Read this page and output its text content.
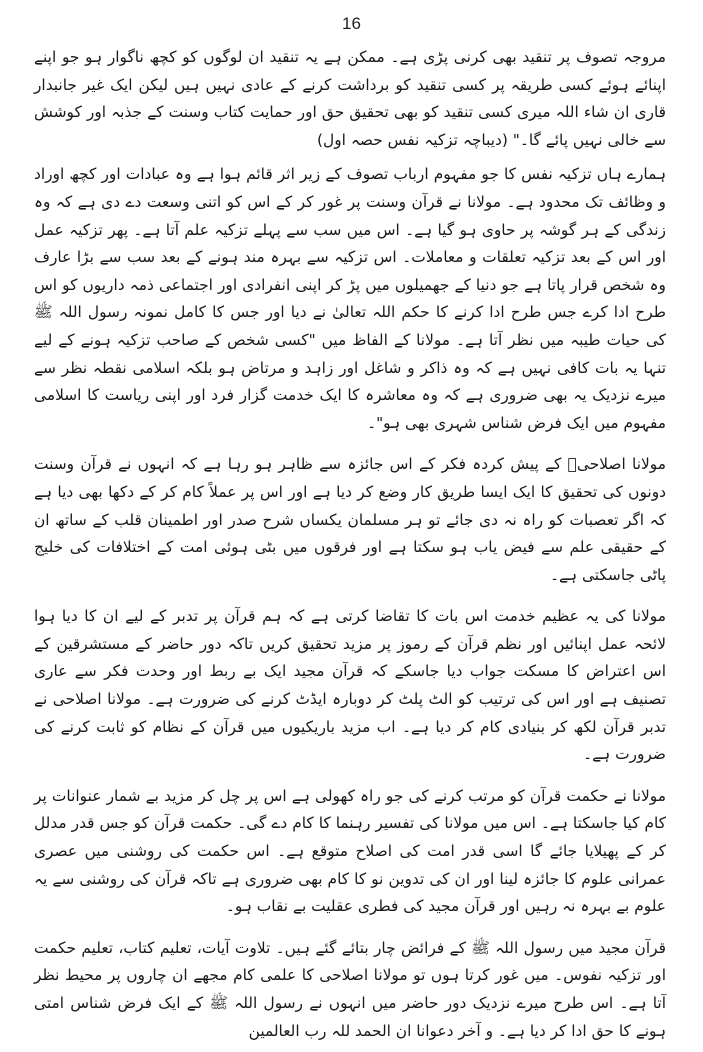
16

مروجہ تصوف پر تنقید بھی کرنی پڑی ہے۔ ممکن ہے یہ تنقید ان لوگوں کو کچھ ناگوار ہو جو اپنے اپنائے ہوئے کسی طریقہ پر کسی تنقید کو برداشت کرنے کے عادی نہیں ہیں لیکن ایک غیر جانبدار قاری ان شاء اللہ میری کسی تنقید کو بھی تحقیق حق اور حمایت کتاب وسنت کے جذبہ اور کوشش سے خالی نہیں پائے گا۔" (دیباچہ تزکیہ نفس حصہ اول)

ہمارے ہاں تزکیہ نفس کا جو مفہوم ارباب تصوف کے زیر اثر قائم ہوا ہے وہ عبادات اور کچھ اوراد و وظائف تک محدود ہے۔ مولانا نے قرآن وسنت پر غور کر کے اس کو اتنی وسعت دے دی ہے کہ وہ زندگی کے ہر گوشہ پر حاوی ہو گیا ہے۔ اس میں سب سے پہلے تزکیہ علم آتا ہے۔ پھر تزکیہ عمل اور اس کے بعد تزکیہ تعلقات و معاملات۔ اس تزکیہ سے بہرہ مند ہونے کے بعد سب سے بڑا عارف وہ شخص قرار پاتا ہے جو دنیا کے جھمیلوں میں پڑ کر اپنی انفرادی اور اجتماعی ذمہ داریوں کو اس طرح ادا کرے جس طرح ادا کرنے کا حکم اللہ تعالیٰ نے دیا اور جس کا کامل نمونہ رسول اللہ ﷺ کی حیات طیبہ میں نظر آتا ہے۔ مولانا کے الفاظ میں "کسی شخص کے صاحب تزکیہ ہونے کے لیے تنہا یہ بات کافی نہیں ہے کہ وہ ذاکر و شاغل اور زاہد و مرتاض ہو بلکہ اسلامی نقطہ نظر سے میرے نزدیک یہ بھی ضروری ہے کہ وہ معاشرہ کا ایک خدمت گزار فرد اور اپنی ریاست کا اسلامی مفہوم میں ایک فرض شناس شہری بھی ہو"۔

مولانا اصلاحیؒ کے پیش کردہ فکر کے اس جائزہ سے ظاہر ہو رہا ہے کہ انہوں نے قرآن وسنت دونوں کی تحقیق کا ایک ایسا طریق کار وضع کر دیا ہے اور اس پر عملاً کام کر کے دکھا بھی دیا ہے کہ اگر تعصبات کو راہ نہ دی جائے تو ہر مسلمان یکساں شرح صدر اور اطمینان قلب کے ساتھ ان کے حقیقی علم سے فیض یاب ہو سکتا ہے اور فرقوں میں بٹی ہوئی امت کے اختلافات کی خلیج پاٹی جاسکتی ہے۔

مولانا کی یہ عظیم خدمت اس بات کا تقاضا کرتی ہے کہ ہم قرآن پر تدبر کے لیے ان کا دیا ہوا لائحہ عمل اپنائیں اور نظم قرآن کے رموز پر مزید تحقیق کریں تاکہ دور حاضر کے مستشرقین کے اس اعتراض کا مسکت جواب دیا جاسکے کہ قرآن مجید ایک بے ربط اور وحدت فکر سے عاری تصنیف ہے اور اس کی ترتیب کو الٹ پلٹ کر دوبارہ ایڈٹ کرنے کی ضرورت ہے۔ مولانا اصلاحی نے تدبر قرآن لکھ کر بنیادی کام کر دیا ہے۔ اب مزید باریکیوں میں قرآن کے نظام کو ثابت کرنے کی ضرورت ہے۔

مولانا نے حکمت قرآن کو مرتب کرنے کی جو راہ کھولی ہے اس پر چل کر مزید بے شمار عنوانات پر کام کیا جاسکتا ہے۔ اس میں مولانا کی تفسیر رہنما کا کام دے گی۔ حکمت قرآن کو جس قدر مدلل کر کے پھیلایا جائے گا اسی قدر امت کی اصلاح متوقع ہے۔ اس حکمت کی روشنی میں عصری عمرانی علوم کا جائزہ لینا اور ان کی تدوین نو کا کام بھی ضروری ہے تاکہ قرآن کی روشنی سے یہ علوم بے بہرہ نہ رہیں اور قرآن مجید کی فطری عقلیت بے نقاب ہو۔

قرآن مجید میں رسول اللہ ﷺ کے فرائض چار بتائے گئے ہیں۔ تلاوت آیات، تعلیم کتاب، تعلیم حکمت اور تزکیہ نفوس۔ میں غور کرتا ہوں تو مولانا اصلاحی کا علمی کام مجھے ان چاروں پر محیط نظر آتا ہے۔ اس طرح میرے نزدیک دور حاضر میں انہوں نے رسول اللہ ﷺ کے ایک فرض شناس امتی ہونے کا حق ادا کر دیا ہے۔ و آخر دعوانا ان الحمد للہ رب العالمین
